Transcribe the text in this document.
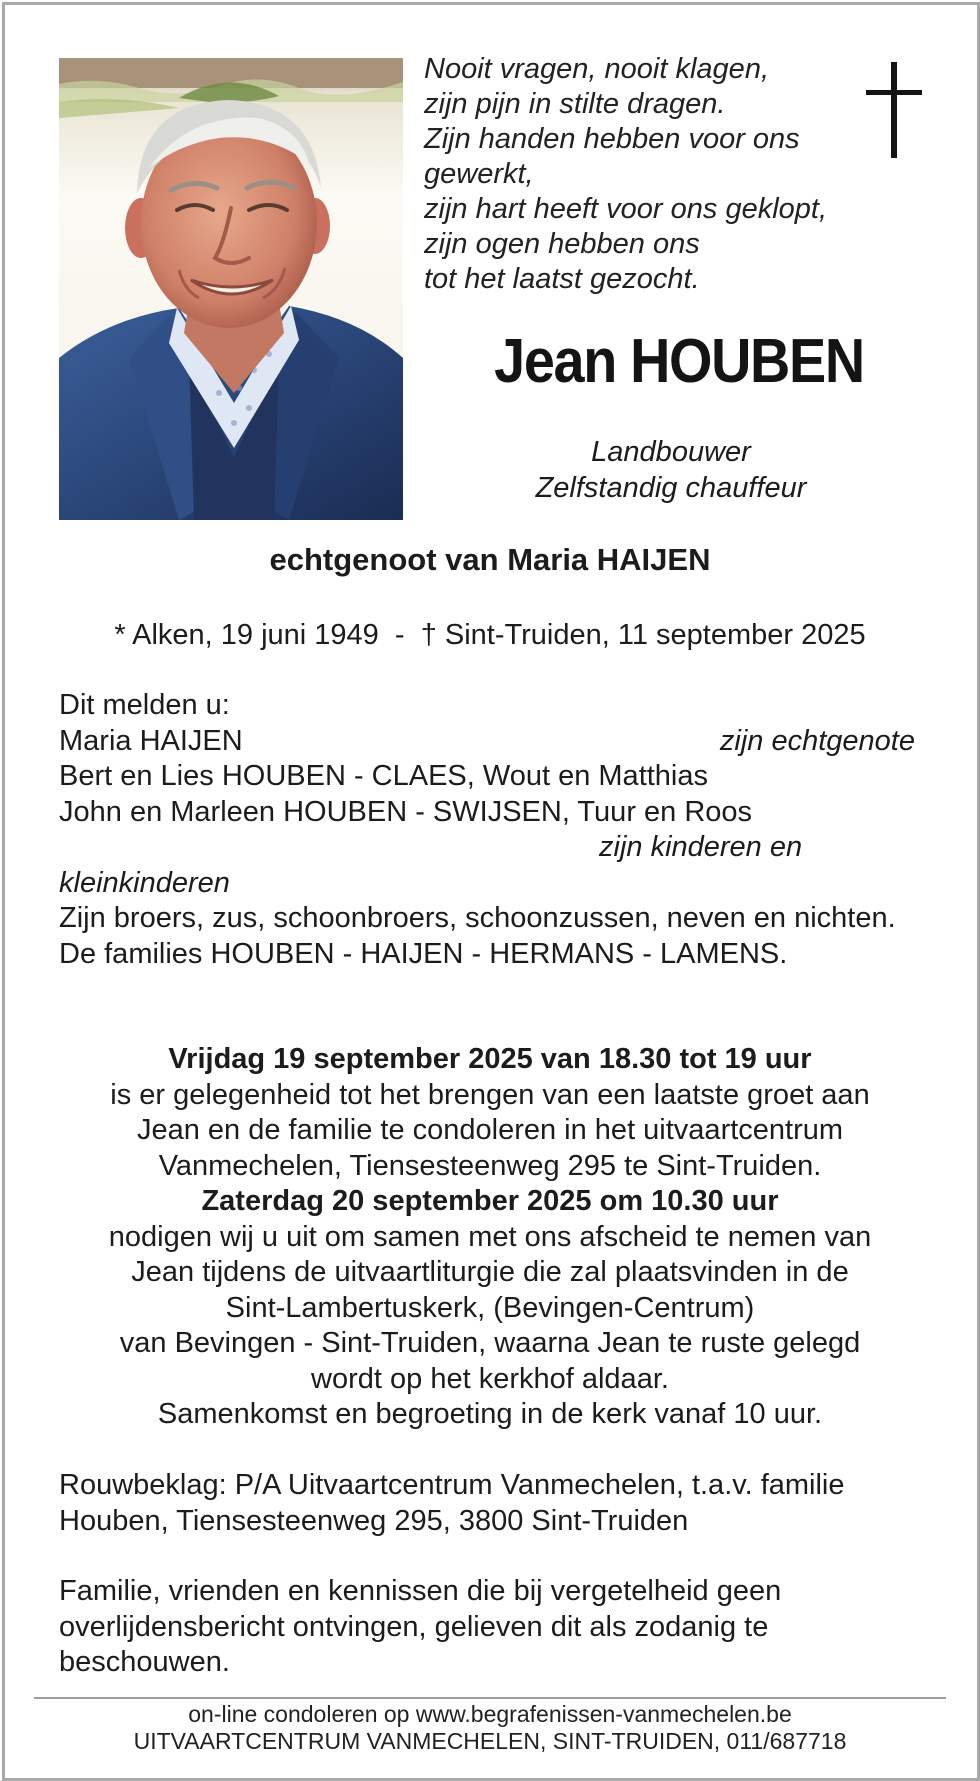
Nooit vragen, nooit klagen,
zijn pijn in stilte dragen.
Zijn handen hebben voor ons
gewerkt,
zijn hart heeft voor ons geklopt,
zijn ogen hebben ons
tot het laatst gezocht.
Jean HOUBEN
Landbouwer
Zelfstandig chauffeur
echtgenoot van Maria HAIJEN
* Alken, 19 juni 1949  -  † Sint-Truiden, 11 september 2025
Dit melden u:
Maria HAIJEN	zijn echtgenote
Bert en Lies HOUBEN - CLAES, Wout en Matthias
John en Marleen HOUBEN - SWIJSEN, Tuur en Roos
zijn kinderen en
kleinkinderen
Zijn broers, zus, schoonbroers, schoonzussen, neven en nichten.
De families HOUBEN - HAIJEN - HERMANS - LAMENS.
Vrijdag 19 september 2025 van 18.30 tot 19 uur
is er gelegenheid tot het brengen van een laatste groet aan
Jean en de familie te condoleren in het uitvaartcentrum
Vanmechelen, Tiensesteenweg 295 te Sint-Truiden.
Zaterdag 20 september 2025 om 10.30 uur
nodigen wij u uit om samen met ons afscheid te nemen van
Jean tijdens de uitvaartliturgie die zal plaatsvinden in de
Sint-Lambertuskerk, (Bevingen-Centrum)
van Bevingen - Sint-Truiden, waarna Jean te ruste gelegd
wordt op het kerkhof aldaar.
Samenkomst en begroeting in de kerk vanaf 10 uur.
Rouwbeklag: P/A Uitvaartcentrum Vanmechelen, t.a.v. familie
Houben, Tiensesteenweg 295, 3800 Sint-Truiden
Familie, vrienden en kennissen die bij vergetelheid geen
overlijdensbericht ontvingen, gelieven dit als zodanig te
beschouwen.
on-line condoleren op www.begrafenissen-vanmechelen.be
UITVAARTCENTRUM VANMECHELEN, SINT-TRUIDEN, 011/687718
